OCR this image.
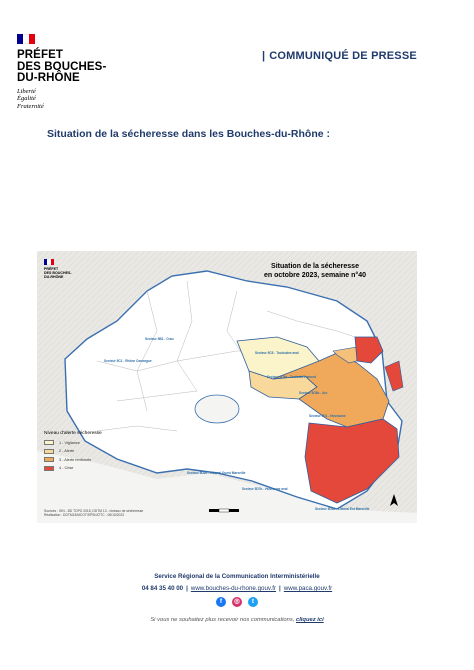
PRÉFET
DES BOUCHES-
DU-RHÔNE
Liberté
Égalité
Fraternité
| COMMUNIQUÉ DE PRESSE
Situation de la sécheresse dans les Bouches-du-Rhône :
PRÉFET
DES BOUCHES-
DU-RHÔNE
Situation de la sécheresse
en octobre 2023, semaine n°40
Secteur 5C1 - Rhône Camargue
Secteur 5B1 - Crau
Secteur 5C5 - Touloubre aval
Secteur 5C6a - Touloubre amont
Secteur 5C6b - Arc
Secteur 5D1 - Huveaune
Secteur 5D2b - Littoral Ouest Marseille
Secteur 5D7b - Huveaune aval
Secteur 5D4b - Littoral Est Marseille
Niveau d'alerte sécheresse
1 - Vigilance
2 - Alerte
3 - Alerte renforcée
4 - Crise
Sources : IGN - BD TOPO 2018, DDTM 13 - niveaux de sécheresse
Réalisation : DDTM13/MCOT/SPSI/ATTC - 06/10/2023
Service Régional de la Communication Interministérielle
04 84 35 40 00 | www.bouches-du-rhone.gouv.fr | www.paca.gouv.fr
f	◎	t
Si vous ne souhaitez plus recevoir nos communications, cliquez ici
